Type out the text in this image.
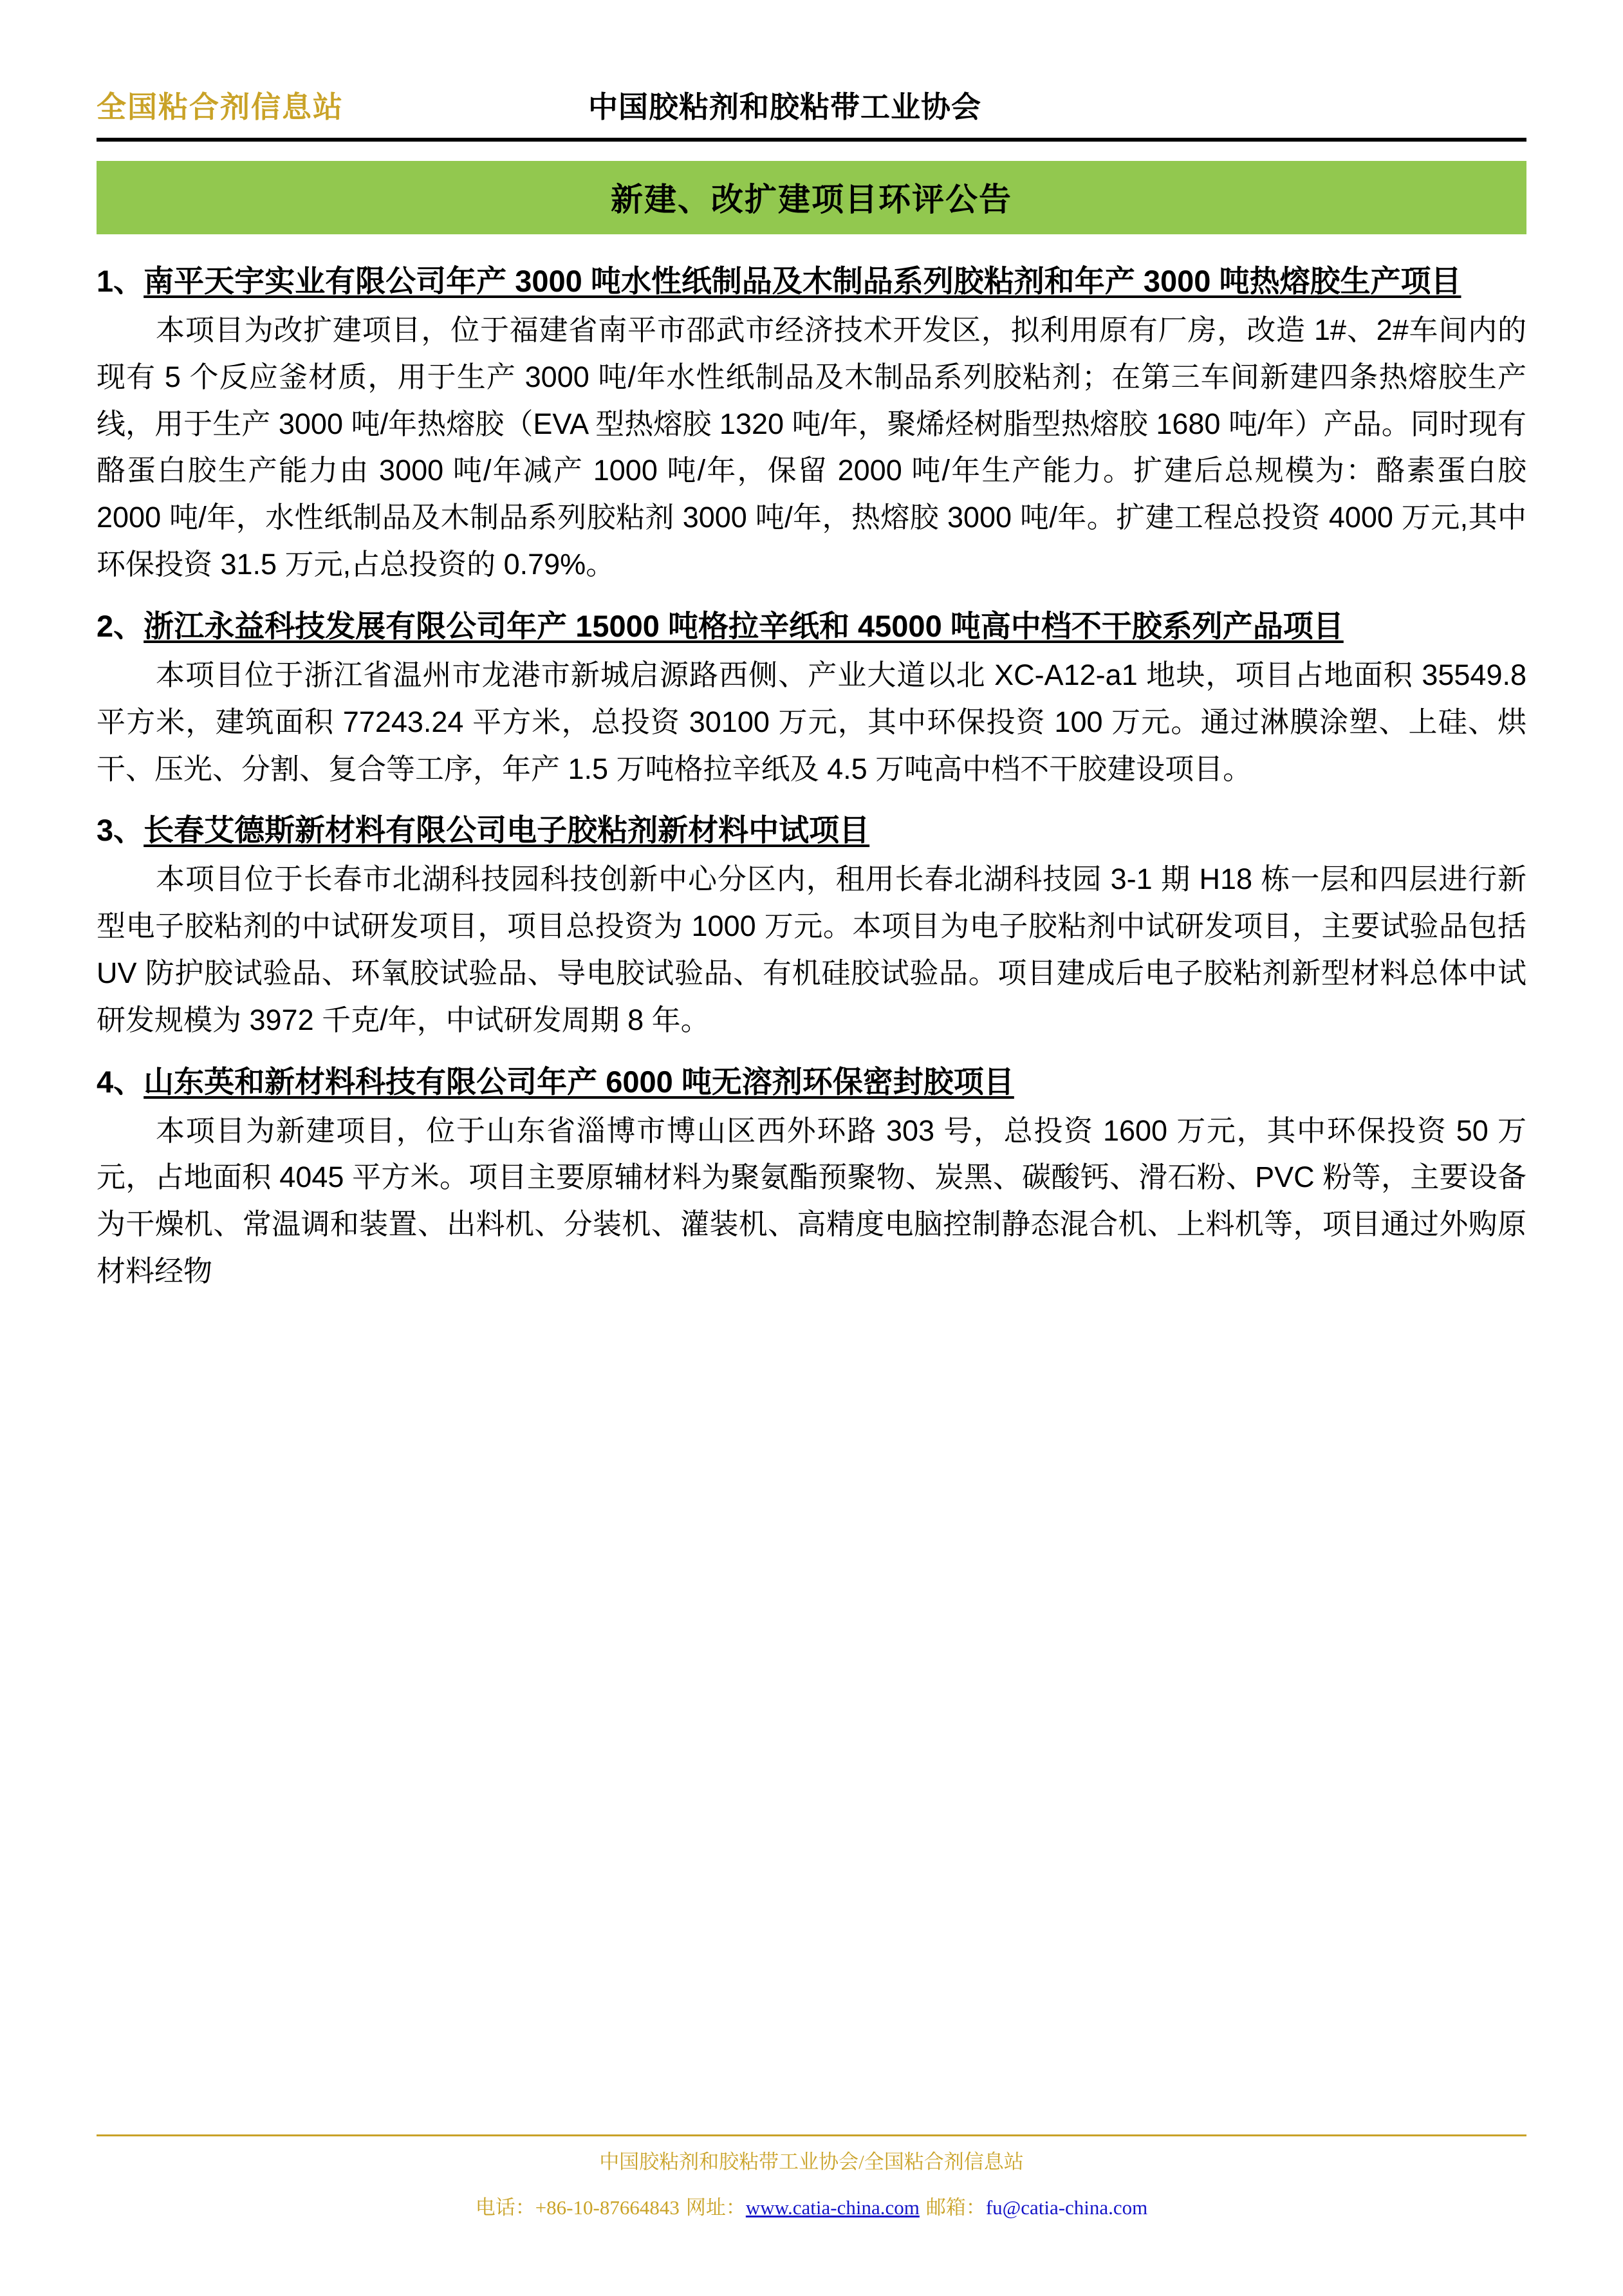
全国粘合剂信息站	中国胶粘剂和胶粘带工业协会
新建、改扩建项目环评公告

1、南平天宇实业有限公司年产 3000 吨水性纸制品及木制品系列胶粘剂和年产 3000 吨热熔胶生产项目

本项目为改扩建项目，位于福建省南平市邵武市经济技术开发区，拟利用原有厂房，改造 1#、2#车间内的现有 5 个反应釜材质，用于生产 3000 吨/年水性纸制品及木制品系列胶粘剂；在第三车间新建四条热熔胶生产线，用于生产 3000 吨/年热熔胶（EVA 型热熔胶 1320 吨/年，聚烯烃树脂型热熔胶 1680 吨/年）产品。同时现有酪蛋白胶生产能力由 3000 吨/年减产 1000 吨/年，保留 2000 吨/年生产能力。扩建后总规模为：酪素蛋白胶 2000 吨/年，水性纸制品及木制品系列胶粘剂 3000 吨/年，热熔胶 3000 吨/年。扩建工程总投资 4000 万元,其中环保投资 31.5 万元,占总投资的 0.79%。

2、浙江永益科技发展有限公司年产 15000 吨格拉辛纸和 45000 吨高中档不干胶系列产品项目

本项目位于浙江省温州市龙港市新城启源路西侧、产业大道以北 XC-A12-a1 地块，项目占地面积 35549.8 平方米，建筑面积 77243.24 平方米，总投资 30100 万元，其中环保投资 100 万元。通过淋膜涂塑、上硅、烘干、压光、分割、复合等工序，年产 1.5 万吨格拉辛纸及 4.5 万吨高中档不干胶建设项目。

3、长春艾德斯新材料有限公司电子胶粘剂新材料中试项目

本项目位于长春市北湖科技园科技创新中心分区内，租用长春北湖科技园 3-1 期 H18 栋一层和四层进行新型电子胶粘剂的中试研发项目，项目总投资为 1000 万元。本项目为电子胶粘剂中试研发项目，主要试验品包括 UV 防护胶试验品、环氧胶试验品、导电胶试验品、有机硅胶试验品。项目建成后电子胶粘剂新型材料总体中试研发规模为 3972 千克/年，中试研发周期 8 年。

4、山东英和新材料科技有限公司年产 6000 吨无溶剂环保密封胶项目

本项目为新建项目，位于山东省淄博市博山区西外环路 303 号，总投资 1600 万元，其中环保投资 50 万元，占地面积 4045 平方米。项目主要原辅材料为聚氨酯预聚物、炭黑、碳酸钙、滑石粉、PVC 粉等，主要设备为干燥机、常温调和装置、出料机、分装机、灌装机、高精度电脑控制静态混合机、上料机等，项目通过外购原材料经物

中国胶粘剂和胶粘带工业协会/全国粘合剂信息站
电话：+86-10-87664843 网址：www.catia-china.com 邮箱：fu@catia-china.com
